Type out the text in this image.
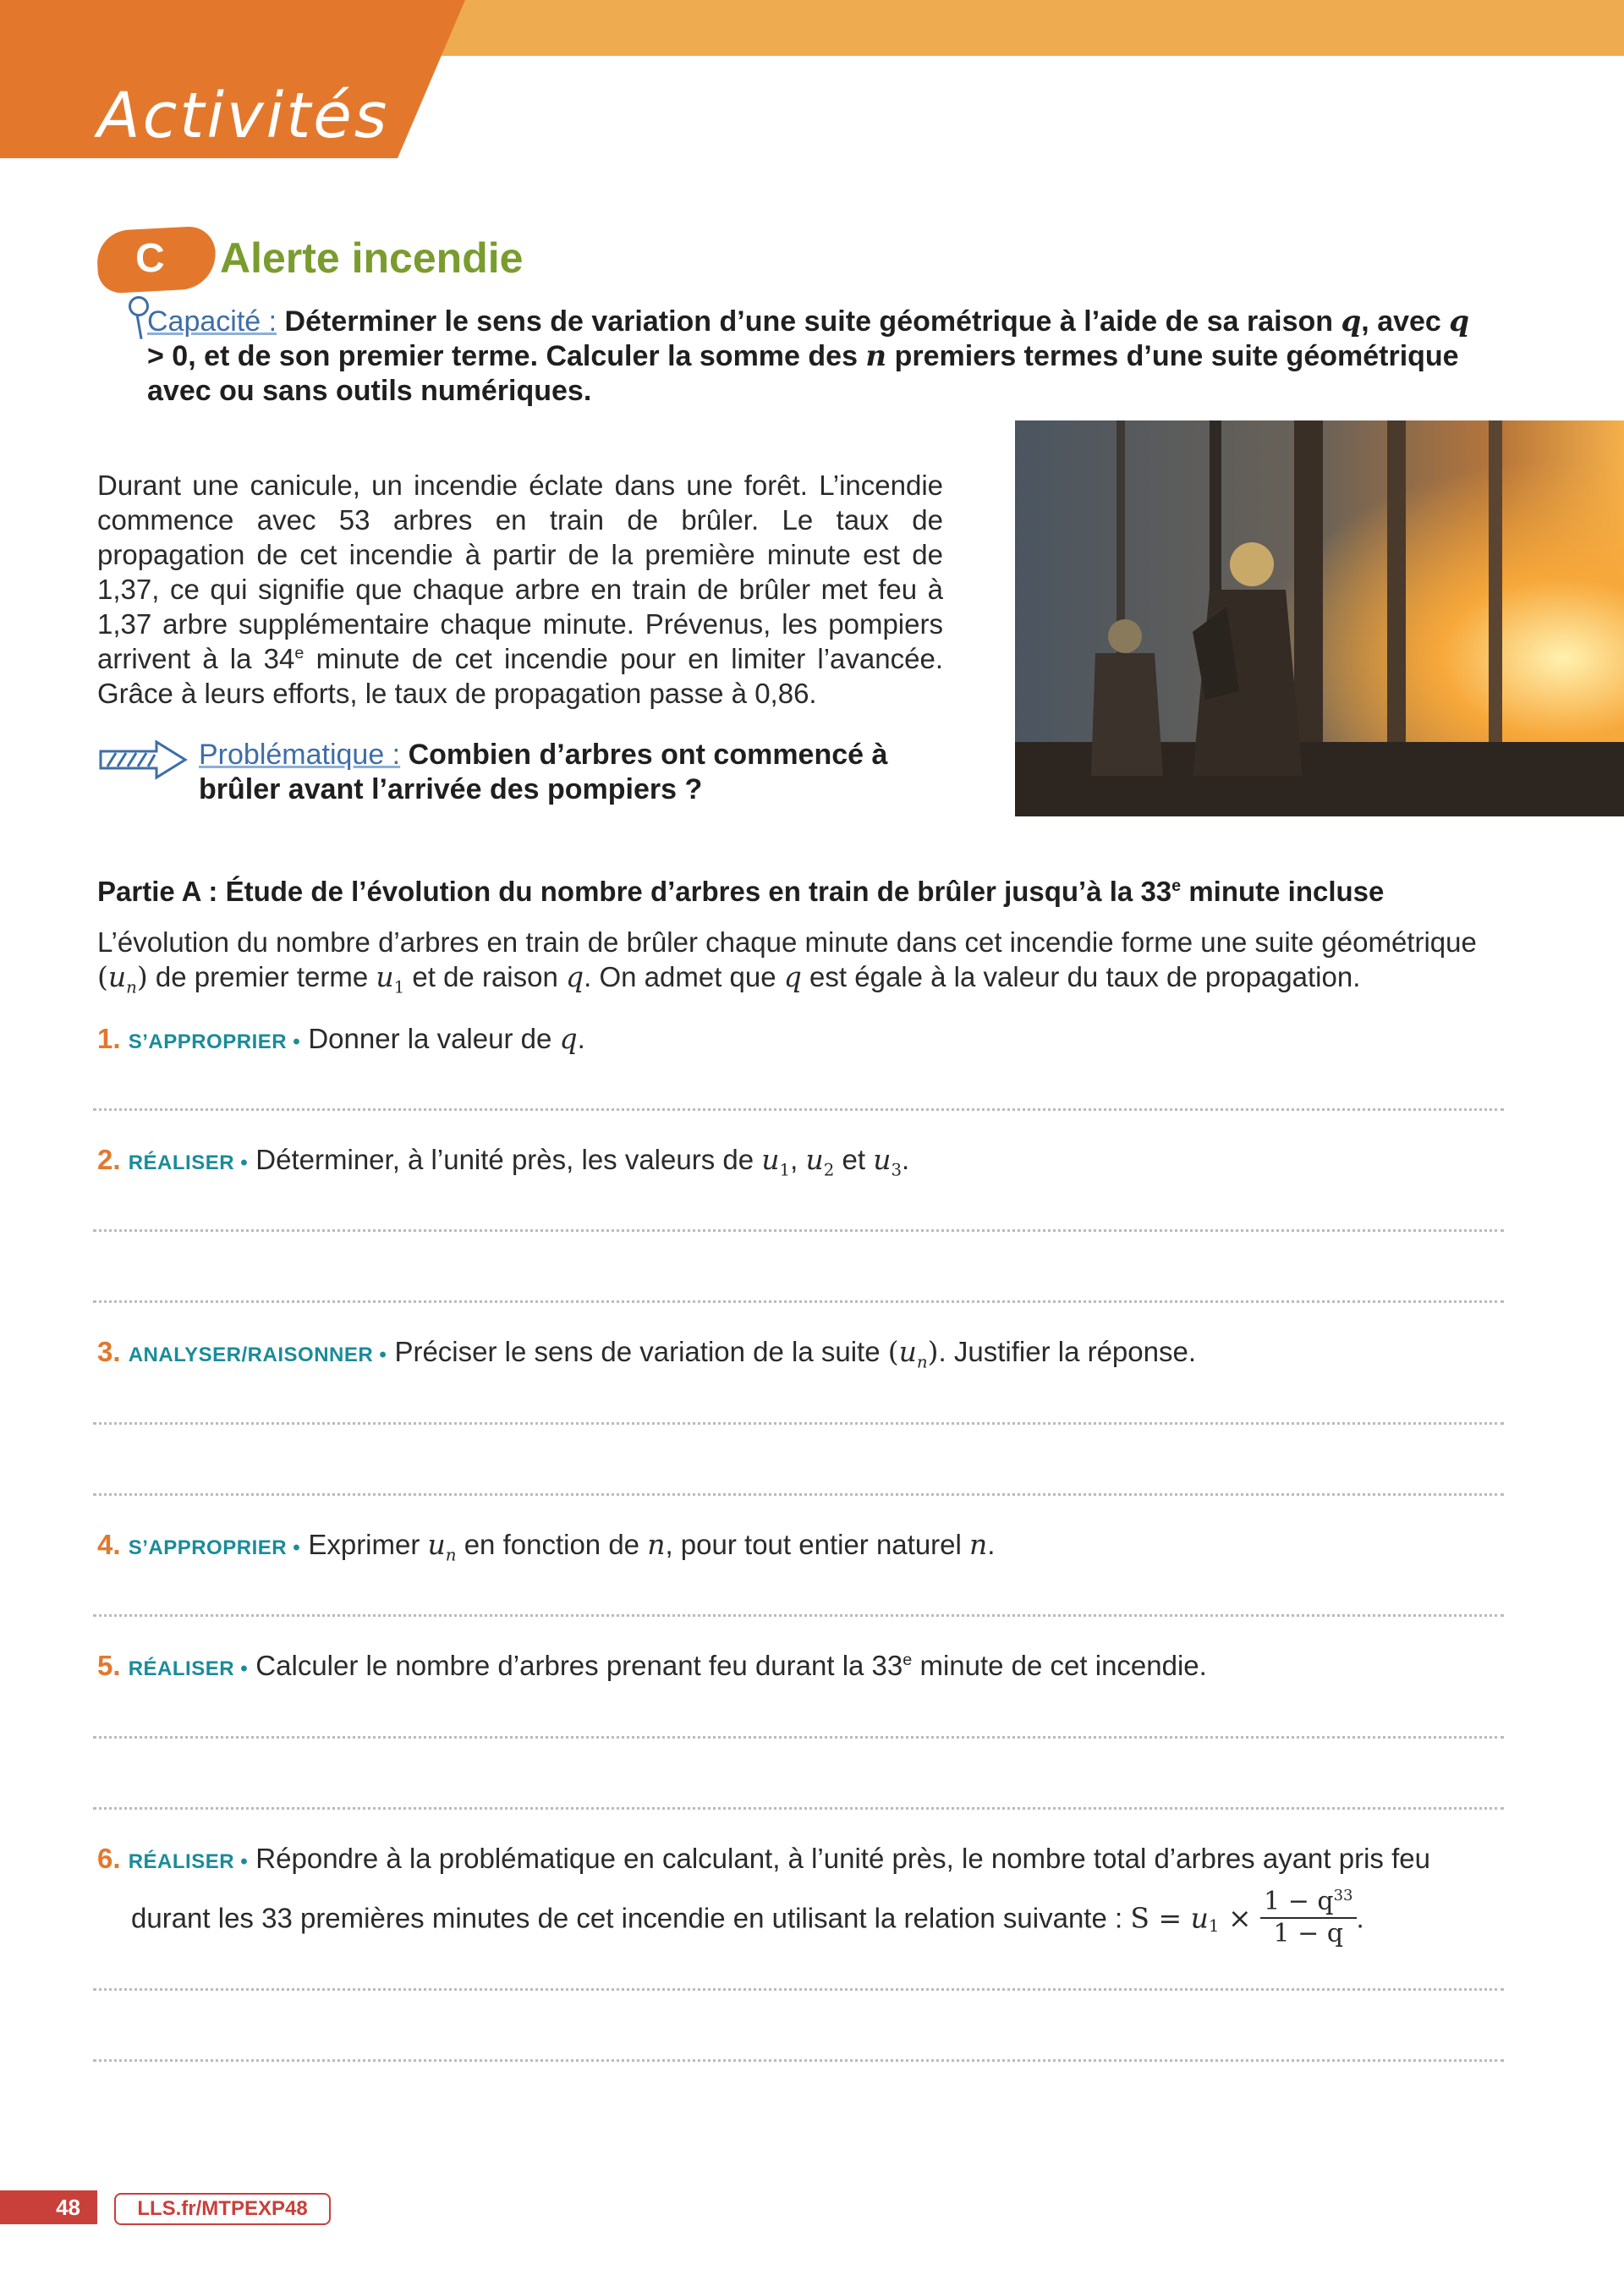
Activités
C Alerte incendie
Capacité : Déterminer le sens de variation d’une suite géométrique à l’aide de sa raison q, avec q > 0, et de son premier terme. Calculer la somme des n premiers termes d’une suite géométrique avec ou sans outils numériques.
Durant une canicule, un incendie éclate dans une forêt. L’incendie commence avec 53 arbres en train de brûler. Le taux de propagation de cet incendie à partir de la première minute est de 1,37, ce qui signifie que chaque arbre en train de brûler met feu à 1,37 arbre supplémentaire chaque minute. Prévenus, les pompiers arrivent à la 34e minute de cet incendie pour en limiter l’avancée. Grâce à leurs efforts, le taux de propagation passe à 0,86.
Problématique : Combien d’arbres ont commencé à brûler avant l’arrivée des pompiers ?
Partie A : Étude de l’évolution du nombre d’arbres en train de brûler jusqu’à la 33e minute incluse
L’évolution du nombre d’arbres en train de brûler chaque minute dans cet incendie forme une suite géométrique $(u_n)$ de premier terme $u_1$ et de raison q. On admet que q est égale à la valeur du taux de propagation.
1. S’APPROPRIER • Donner la valeur de q.
2. RÉALISER • Déterminer, à l’unité près, les valeurs de $u_1$, $u_2$ et $u_3$.
3. ANALYSER/RAISONNER • Préciser le sens de variation de la suite $(u_n)$. Justifier la réponse.
4. S’APPROPRIER • Exprimer $u_n$ en fonction de n, pour tout entier naturel n.
5. RÉALISER • Calculer le nombre d’arbres prenant feu durant la 33e minute de cet incendie.
6. RÉALISER • Répondre à la problématique en calculant, à l’unité près, le nombre total d’arbres ayant pris feu
durant les 33 premières minutes de cet incendie en utilisant la relation suivante : $S = u_1 \times \frac{1 - q^{33}}{1 - q}$ .
48	LLS.fr/MTPEXP48
